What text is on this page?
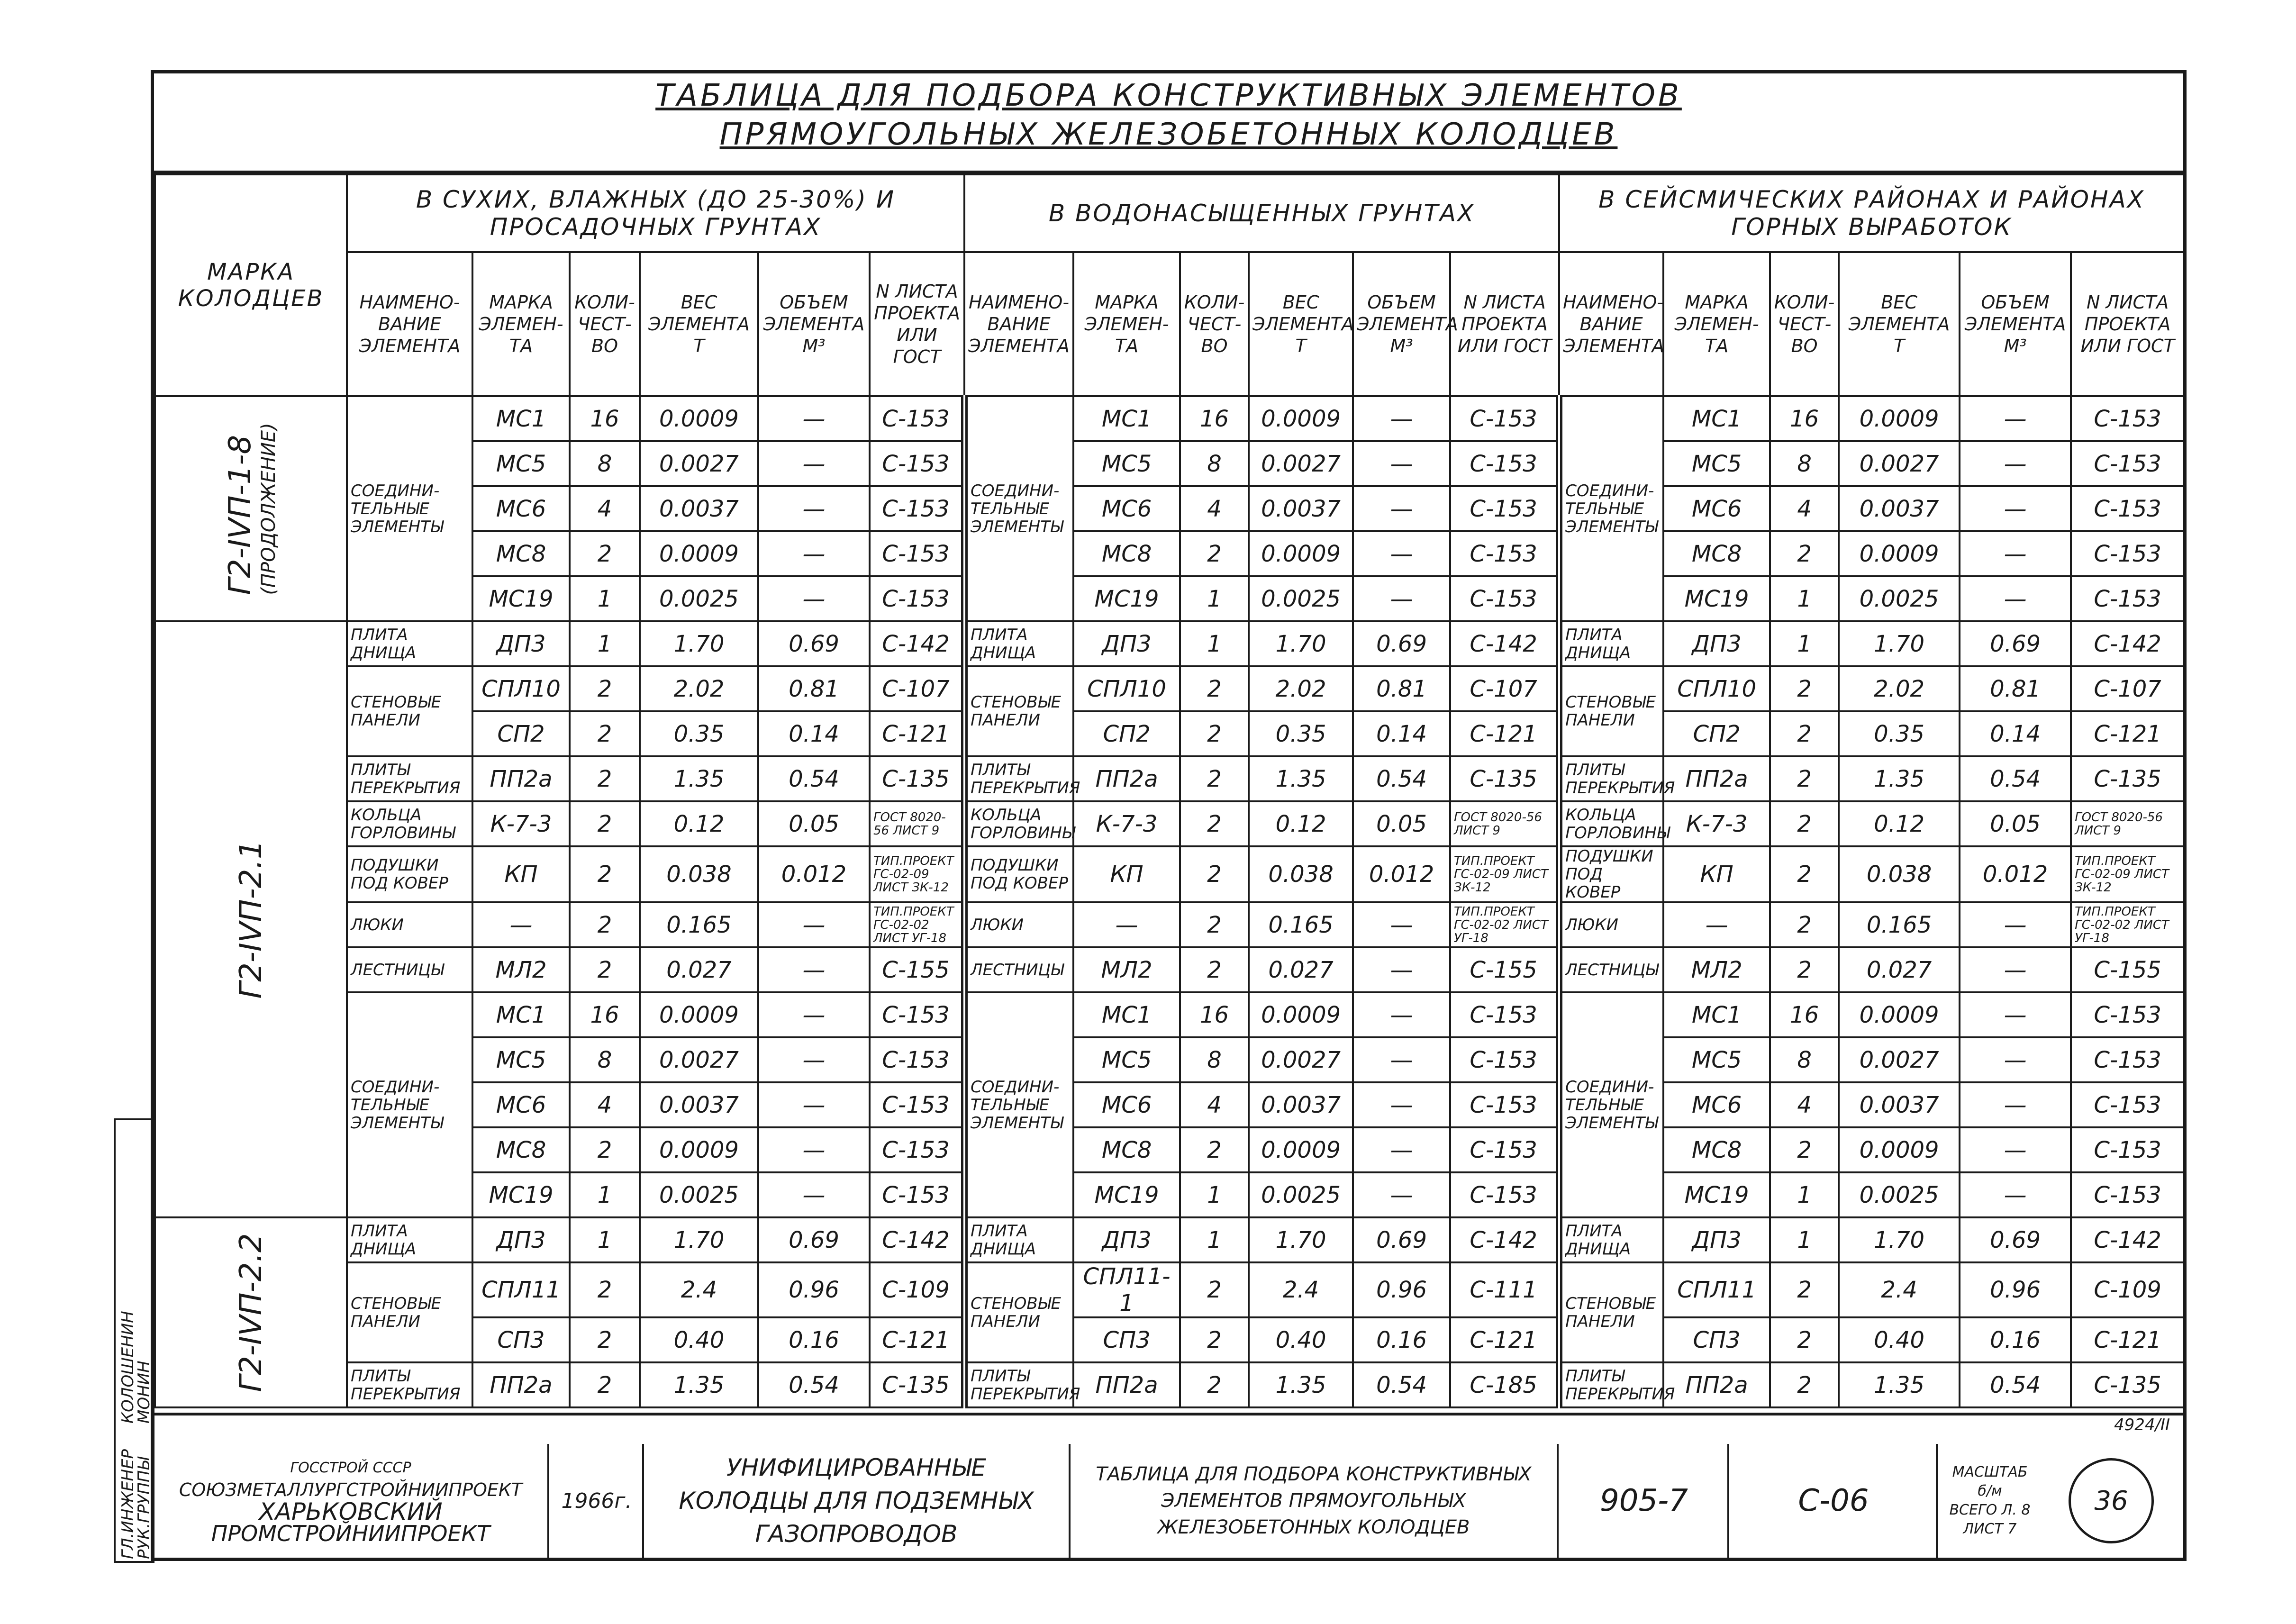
ТАБЛИЦА ДЛЯ ПОДБОРА КОНСТРУКТИВНЫХ ЭЛЕМЕНТОВ
ПРЯМОУГОЛЬНЫХ ЖЕЛЕЗОБЕТОННЫХ КОЛОДЦЕВ
МАРКА КОЛОДЦЕВ	В СУХИХ, ВЛАЖНЫХ (ДО 25-30%) И ПРОСАДОЧНЫХ ГРУНТАХ						В ВОДОНАСЫЩЕННЫХ ГРУНТАХ						В СЕЙСМИЧЕСКИХ РАЙОНАХ И РАЙОНАХ ГОРНЫХ ВЫРАБОТОК					
	НАИМЕНО-ВАНИЕ ЭЛЕМЕНТА	МАРКА ЭЛЕМЕН-ТА	КОЛИ-ЧЕСТ-ВО	ВЕС ЭЛЕМЕНТА Т	ОБЪЕМ ЭЛЕМЕНТА М³	N ЛИСТА ПРОЕКТА ИЛИ ГОСТ	НАИМЕНО-ВАНИЕ ЭЛЕМЕНТА	МАРКА ЭЛЕМЕН-ТА	КОЛИ-ЧЕСТ-ВО	ВЕС ЭЛЕМЕНТА Т	ОБЪЕМ ЭЛЕМЕНТА М³	N ЛИСТА ПРОЕКТА ИЛИ ГОСТ	НАИМЕНО-ВАНИЕ ЭЛЕМЕНТА	МАРКА ЭЛЕМЕН-ТА	КОЛИ-ЧЕСТ-ВО	ВЕС ЭЛЕМЕНТА Т	ОБЪЕМ ЭЛЕМЕНТА М³	N ЛИСТА ПРОЕКТА ИЛИ ГОСТ

Г2-IVП-1-8 (ПРОДОЛЖЕНИЕ)	СОЕДИНИ-ТЕЛЬНЫЕ ЭЛЕМЕНТЫ	МС1	16	0.0009	—	С-153	СОЕДИНИ-ТЕЛЬНЫЕ ЭЛЕМЕНТЫ	МС1	16	0.0009	—	С-153	СОЕДИНИ-ТЕЛЬНЫЕ ЭЛЕМЕНТЫ	МС1	16	0.0009	—	С-153
		МС5	8	0.0027	—	С-153		МС5	8	0.0027	—	С-153		МС5	8	0.0027	—	С-153
		МС6	4	0.0037	—	С-153		МС6	4	0.0037	—	С-153		МС6	4	0.0037	—	С-153
		МС8	2	0.0009	—	С-153		МС8	2	0.0009	—	С-153		МС8	2	0.0009	—	С-153
		МС19	1	0.0025	—	С-153		МС19	1	0.0025	—	С-153		МС19	1	0.0025	—	С-153

Г2-IVП-2.1	ПЛИТА ДНИЩА	ДП3	1	1.70	0.69	С-142	ПЛИТА ДНИЩА	ДП3	1	1.70	0.69	С-142	ПЛИТА ДНИЩА	ДП3	1	1.70	0.69	С-142
	СТЕНОВЫЕ ПАНЕЛИ	СПЛ10	2	2.02	0.81	С-107	СТЕНОВЫЕ ПАНЕЛИ	СПЛ10	2	2.02	0.81	С-107	СТЕНОВЫЕ ПАНЕЛИ	СПЛ10	2	2.02	0.81	С-107
		СП2	2	0.35	0.14	С-121		СП2	2	0.35	0.14	С-121		СП2	2	0.35	0.14	С-121
	ПЛИТЫ ПЕРЕКРЫТИЯ	ПП2а	2	1.35	0.54	С-135	ПЛИТЫ ПЕРЕКРЫТИЯ	ПП2а	2	1.35	0.54	С-135	ПЛИТЫ ПЕРЕКРЫТИЯ	ПП2а	2	1.35	0.54	С-135
	КОЛЬЦА ГОРЛОВИНЫ	К-7-3	2	0.12	0.05	ГОСТ 8020-56 ЛИСТ 9	КОЛЬЦА ГОРЛОВИНЫ	К-7-3	2	0.12	0.05	ГОСТ 8020-56 ЛИСТ 9	КОЛЬЦА ГОРЛОВИНЫ	К-7-3	2	0.12	0.05	ГОСТ 8020-56 ЛИСТ 9
	ПОДУШКИ ПОД КОВЕР	КП	2	0.038	0.012	ТИП.ПРОЕКТ ГС-02-09 ЛИСТ ЗК-12	ПОДУШКИ ПОД КОВЕР	КП	2	0.038	0.012	ТИП.ПРОЕКТ ГС-02-09 ЛИСТ ЗК-12	ПОДУШКИ ПОД КОВЕР	КП	2	0.038	0.012	ТИП.ПРОЕКТ ГС-02-09 ЛИСТ ЗК-12
	ЛЮКИ	—	2	0.165	—	ТИП.ПРОЕКТ ГС-02-02 ЛИСТ УГ-18	ЛЮКИ	—	2	0.165	—	ТИП.ПРОЕКТ ГС-02-02 ЛИСТ УГ-18	ЛЮКИ	—	2	0.165	—	ТИП.ПРОЕКТ ГС-02-02 ЛИСТ УГ-18
	ЛЕСТНИЦЫ	МЛ2	2	0.027	—	С-155	ЛЕСТНИЦЫ	МЛ2	2	0.027	—	С-155	ЛЕСТНИЦЫ	МЛ2	2	0.027	—	С-155
	СОЕДИНИ-ТЕЛЬНЫЕ ЭЛЕМЕНТЫ	МС1	16	0.0009	—	С-153	СОЕДИНИ-ТЕЛЬНЫЕ ЭЛЕМЕНТЫ	МС1	16	0.0009	—	С-153	СОЕДИНИ-ТЕЛЬНЫЕ ЭЛЕМЕНТЫ	МС1	16	0.0009	—	С-153
		МС5	8	0.0027	—	С-153		МС5	8	0.0027	—	С-153		МС5	8	0.0027	—	С-153
		МС6	4	0.0037	—	С-153		МС6	4	0.0037	—	С-153		МС6	4	0.0037	—	С-153
		МС8	2	0.0009	—	С-153		МС8	2	0.0009	—	С-153		МС8	2	0.0009	—	С-153
		МС19	1	0.0025	—	С-153		МС19	1	0.0025	—	С-153		МС19	1	0.0025	—	С-153

Г2-IVП-2.2	ПЛИТА ДНИЩА	ДП3	1	1.70	0.69	С-142	ПЛИТА ДНИЩА	ДП3	1	1.70	0.69	С-142	ПЛИТА ДНИЩА	ДП3	1	1.70	0.69	С-142
	СТЕНОВЫЕ ПАНЕЛИ	СПЛ11	2	2.4	0.96	С-109	СТЕНОВЫЕ ПАНЕЛИ	СПЛ11-1	2	2.4	0.96	С-111	СТЕНОВЫЕ ПАНЕЛИ	СПЛ11	2	2.4	0.96	С-109
		СП3	2	0.40	0.16	С-121		СП3	2	0.40	0.16	С-121		СП3	2	0.40	0.16	С-121
	ПЛИТЫ ПЕРЕКРЫТИЯ	ПП2а	2	1.35	0.54	С-135	ПЛИТЫ ПЕРЕКРЫТИЯ	ПП2а	2	1.35	0.54	С-185	ПЛИТЫ ПЕРЕКРЫТИЯ	ПП2а	2	1.35	0.54	С-135
4924/II
ГОССТРОЙ СССР
СОЮЗМЕТАЛЛУРГСТРОЙНИИПРОЕКТ
ХАРЬКОВСКИЙ
ПРОМСТРОЙНИИПРОЕКТ
1966г.
УНИФИЦИРОВАННЫЕ КОЛОДЦЫ ДЛЯ ПОДЗЕМНЫХ ГАЗОПРОВОДОВ
ТАБЛИЦА ДЛЯ ПОДБОРА КОНСТРУКТИВНЫХ ЭЛЕМЕНТОВ ПРЯМОУГОЛЬНЫХ ЖЕЛЕЗОБЕТОННЫХ КОЛОДЦЕВ
905-7	С-06
МАСШТАБ
б/м
ВСЕГО Л. 8
ЛИСТ 7
36
ГЛ.ИНЖЕНЕР
РУК.ГРУППЫ
КОЛОШЕНИН
МОНИН
